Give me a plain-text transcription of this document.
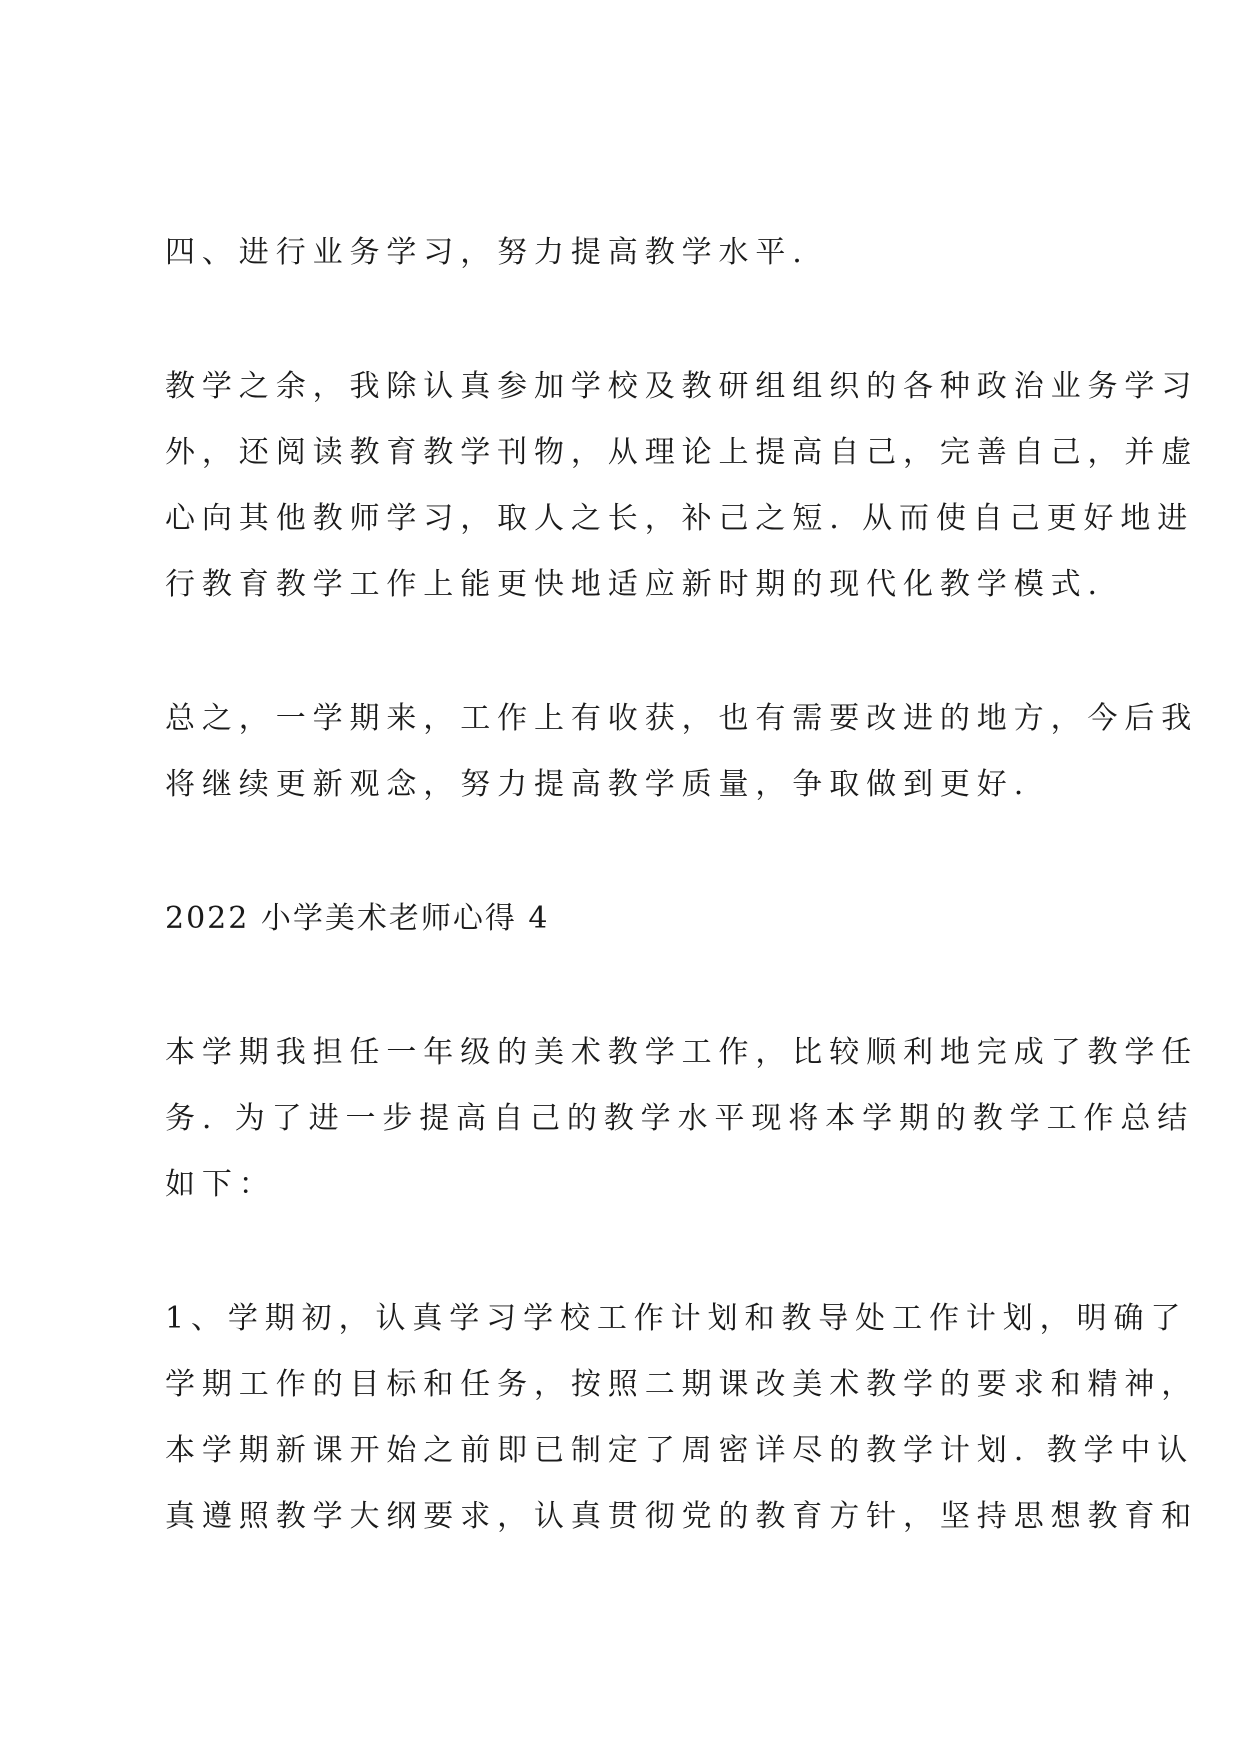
四、进行业务学习，努力提高教学水平.
教学之余，我除认真参加学校及教研组组织的各种政治业务学习
外，还阅读教育教学刊物，从理论上提高自己，完善自己，并虚
心向其他教师学习，取人之长，补己之短. 从而使自己更好地进
行教育教学工作上能更快地适应新时期的现代化教学模式.
总之，一学期来，工作上有收获，也有需要改进的地方，今后我
将继续更新观念，努力提高教学质量，争取做到更好.
2022 小学美术老师心得 4
本学期我担任一年级的美术教学工作，比较顺利地完成了教学任
务. 为了进一步提高自己的教学水平现将本学期的教学工作总结
如下：
1、学期初，认真学习学校工作计划和教导处工作计划，明确了
学期工作的目标和任务，按照二期课改美术教学的要求和精神，
本学期新课开始之前即已制定了周密详尽的教学计划. 教学中认
真遵照教学大纲要求，认真贯彻党的教育方针，坚持思想教育和
